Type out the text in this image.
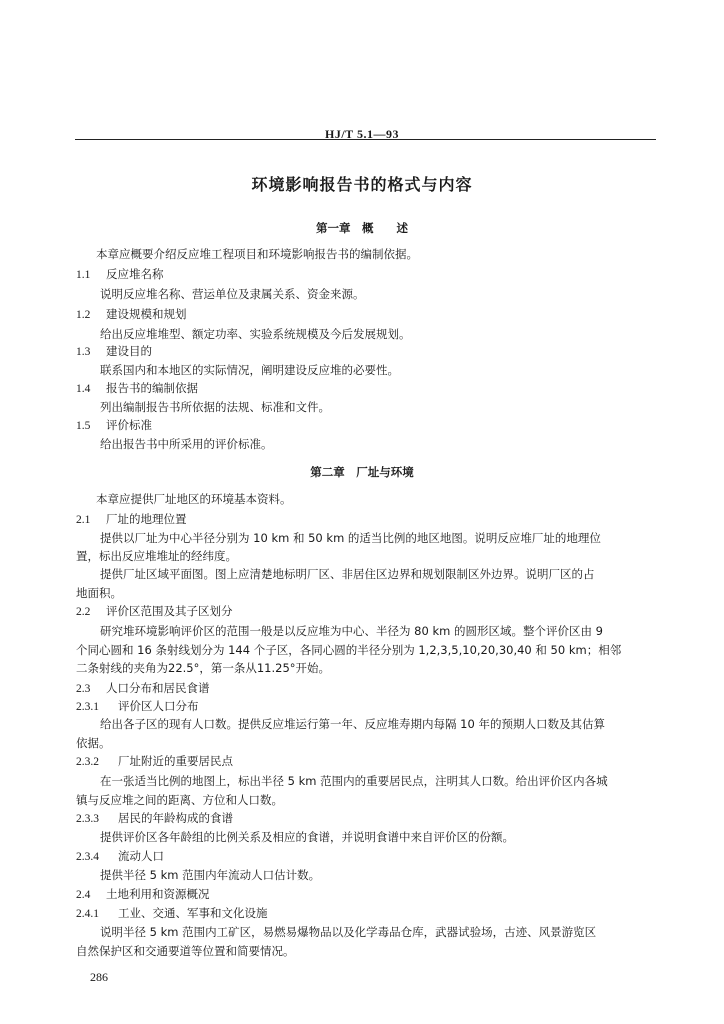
HJ/T 5.1—93
环境影响报告书的格式与内容
第一章　概　　述
本章应概要介绍反应堆工程项目和环境影响报告书的编制依据。
1.1 反应堆名称
说明反应堆名称、营运单位及隶属关系、资金来源。
1.2 建设规模和规划
给出反应堆堆型、额定功率、实验系统规模及今后发展规划。
1.3 建设目的
联系国内和本地区的实际情况，阐明建设反应堆的必要性。
1.4 报告书的编制依据
列出编制报告书所依据的法规、标准和文件。
1.5 评价标准
给出报告书中所采用的评价标准。
第二章　厂址与环境
本章应提供厂址地区的环境基本资料。
2.1 厂址的地理位置
提供以厂址为中心半径分别为 10 km 和 50 km 的适当比例的地区地图。说明反应堆厂址的地理位
置，标出反应堆堆址的经纬度。
提供厂址区域平面图。图上应清楚地标明厂区、非居住区边界和规划限制区外边界。说明厂区的占
地面积。
2.2 评价区范围及其子区划分
研究堆环境影响评价区的范围一般是以反应堆为中心、半径为 80 km 的圆形区域。整个评价区由 9
个同心圆和 16 条射线划分为 144 个子区，各同心圆的半径分别为 1,2,3,5,10,20,30,40 和 50 km；相邻
二条射线的夹角为22.5°，第一条从11.25°开始。
2.3 人口分布和居民食谱
2.3.1 评价区人口分布
给出各子区的现有人口数。提供反应堆运行第一年、反应堆寿期内每隔 10 年的预期人口数及其估算
依据。
2.3.2 厂址附近的重要居民点
在一张适当比例的地图上，标出半径 5 km 范围内的重要居民点，注明其人口数。给出评价区内各城
镇与反应堆之间的距离、方位和人口数。
2.3.3 居民的年龄构成的食谱
提供评价区各年龄组的比例关系及相应的食谱，并说明食谱中来自评价区的份额。
2.3.4 流动人口
提供半径 5 km 范围内年流动人口估计数。
2.4 土地利用和资源概况
2.4.1 工业、交通、军事和文化设施
说明半径 5 km 范围内工矿区，易燃易爆物品以及化学毒品仓库，武器试验场，古迹、风景游览区
自然保护区和交通要道等位置和简要情况。
286
